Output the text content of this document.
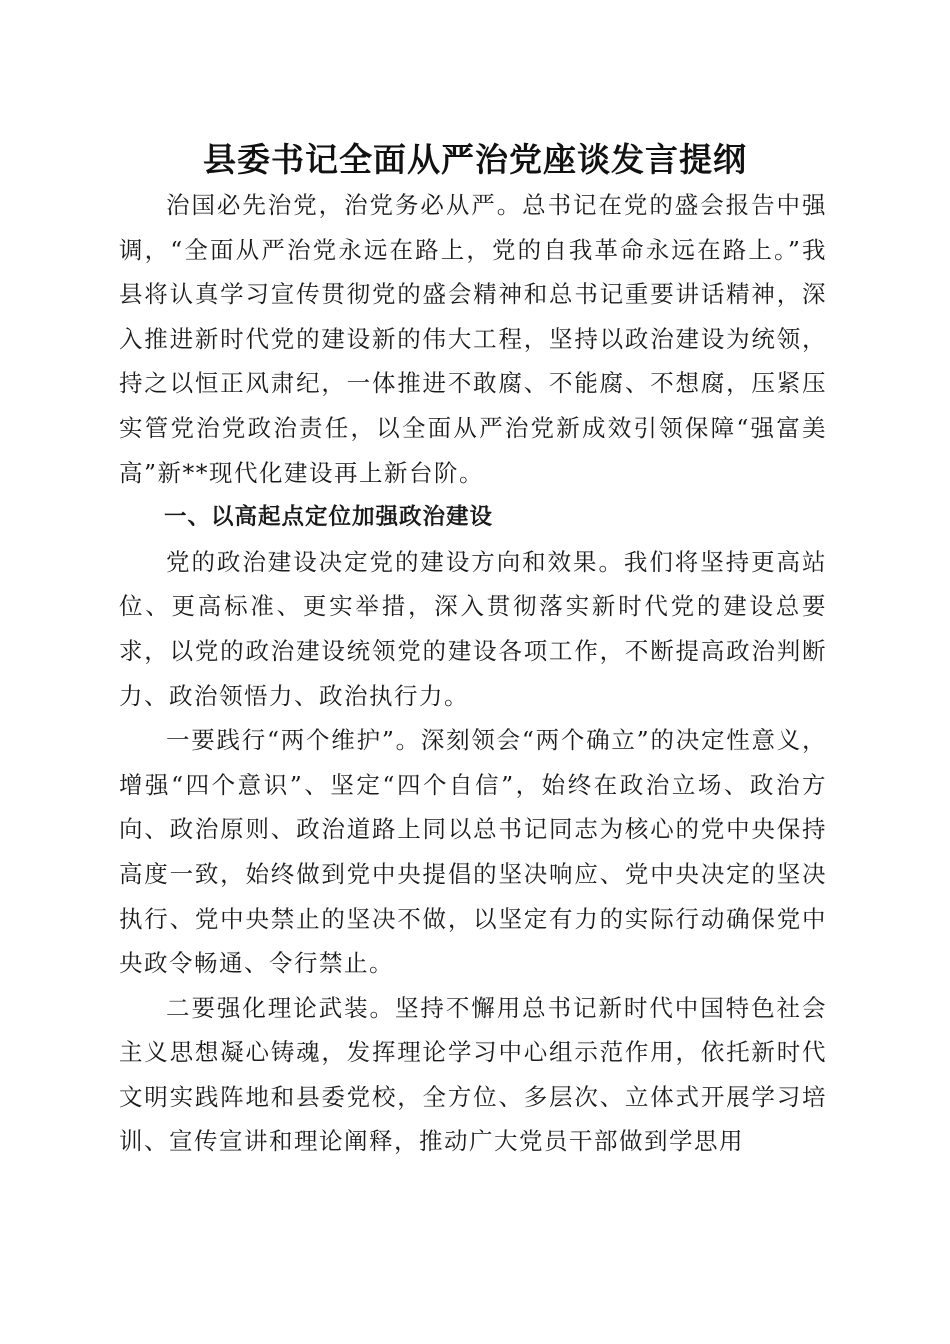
县委书记全面从严治党座谈发言提纲

治国必先治党，治党务必从严。总书记在党的盛会报告中强调，“全面从严治党永远在路上，党的自我革命永远在路上。”我县将认真学习宣传贯彻党的盛会精神和总书记重要讲话精神，深入推进新时代党的建设新的伟大工程，坚持以政治建设为统领，持之以恒正风肃纪，一体推进不敢腐、不能腐、不想腐，压紧压实管党治党政治责任，以全面从严治党新成效引领保障“强富美高”新**现代化建设再上新台阶。

一、以高起点定位加强政治建设

党的政治建设决定党的建设方向和效果。我们将坚持更高站位、更高标准、更实举措，深入贯彻落实新时代党的建设总要求，以党的政治建设统领党的建设各项工作，不断提高政治判断力、政治领悟力、政治执行力。

一要践行“两个维护”。深刻领会“两个确立”的决定性意义，增强“四个意识”、坚定“四个自信”，始终在政治立场、政治方向、政治原则、政治道路上同以总书记同志为核心的党中央保持高度一致，始终做到党中央提倡的坚决响应、党中央决定的坚决执行、党中央禁止的坚决不做，以坚定有力的实际行动确保党中央政令畅通、令行禁止。

二要强化理论武装。坚持不懈用总书记新时代中国特色社会主义思想凝心铸魂，发挥理论学习中心组示范作用，依托新时代文明实践阵地和县委党校，全方位、多层次、立体式开展学习培训、宣传宣讲和理论阐释，推动广大党员干部做到学思用
